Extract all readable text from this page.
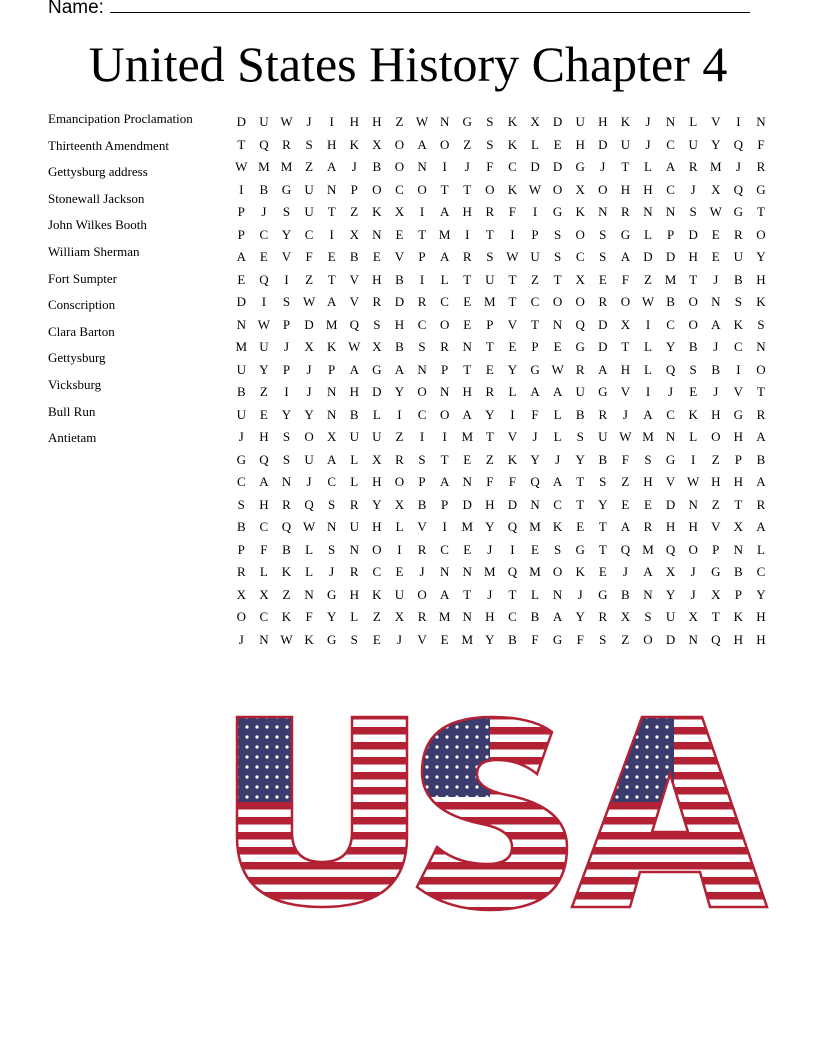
Name:
United States History Chapter 4
Emancipation Proclamation
Thirteenth Amendment
Gettysburg address
Stonewall Jackson
John Wilkes Booth
William Sherman
Fort Sumpter
Conscription
Clara Barton
Gettysburg
Vicksburg
Bull Run
Antietam
D	U W	J	I	H	H	Z W N	G	S	K	X	D	U	H	K	J	N	L	V	I	N
T	Q	R	S	H	K	X	O	A	O	Z	S	K	L	E	H	D	U	J	C	U	Y	Q	F
W M M Z	A	J	B	O	N	I	J	F	C	D	D	G	J	T	L	A	R M	J	R
I	B	G	U	N	P	O	C	O	T	T	O	K W O	X	O	H	H	C	J	X	Q	G
P	J	S	U	T	Z	K	X	I	A	H	R	F	I	G	K	N	R	N	N	S W G	T
P	C	Y	C	I	X	N	E	T M	I	T	I	P	S	O	S	G	L	P	D	E	R	O
A	E	V	F	E	B	E	V	P	A	R	S W U	S	C	S	A	D	D	H	E	U	Y
E	Q	I	Z	T	V	H	B	I	L	T	U	T	Z	T	X	E	F	Z M T	J	B	H
D	I	S W A	V	R	D	R	C	E M T	C	O	O	R	O W B	O	N	S	K
N W P	D M Q	S	H	C	O	E	P	V	T	N	Q	D	X	I	C	O	A	K	S
M U	J	X	K W X	B	S	R	N	T	E	P	E	G	D	T	L	Y	B	J	C	N
U	Y	P	J	P	A	G	A	N	P	T	E	Y	G W R	A	H	L	Q	S	B	I	O
B	Z	I	J	N	H	D	Y	O	N	H	R	L	A	A	U	G	V	I	J	E	J	V	T
U	E	Y	Y	N	B	L	I	C	O	A	Y	I	F	L	B	R	J	A	C	K	H	G	R
J	H	S	O	X	U	U	Z	I	I	M T	V	J	L	S	U W M N	L	O	H	A
G	Q	S	U	A	L	X	R	S	T	E	Z	K	Y	J	Y	B	F	S	G	I	Z	P	B
C	A	N	J	C	L	H	O	P	A	N	F	F	Q	A	T	S	Z	H	V W H	H	A
S	H	R	Q	S	R	Y	X	B	P	D	H	D	N	C	T	Y	E	E	D	N	Z	T	R
B	C	Q W N	U	H	L	V	I	M Y	Q M K	E	T	A	R	H	H	V	X	A
P	F	B	L	S	N	O	I	R	C	E	J	I	E	S	G	T	Q M Q	O	P	N	L
R	L	K	L	J	R	C	E	J	N	N M Q M O	K	E	J	A	X	J	G	B	C
X	X	Z	N	G	H	K	U	O	A	T	J	T	L	N	J	G	B	N	Y	J	X	P	Y
O	C	K	F	Y	L	Z	X	R M N	H	C	B	A	Y	R	X	S	U	X	T	K	H
J	N W K	G	S	E	J	V	E M Y	B	F	G	F	S	Z	O	D	N	Q	H	H
